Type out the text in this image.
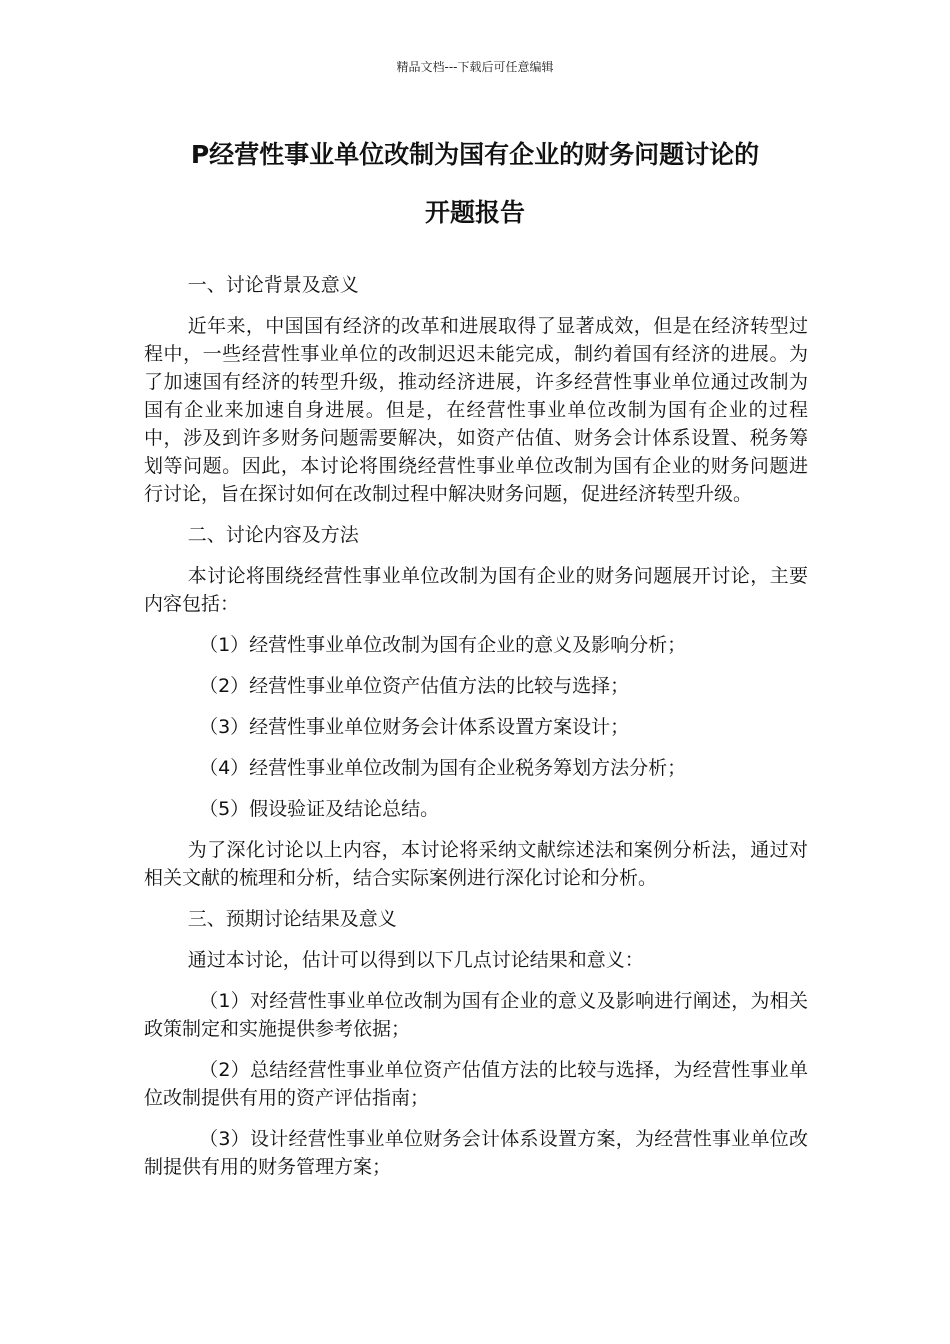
精品文档---下载后可任意编辑
P经营性事业单位改制为国有企业的财务问题讨论的
开题报告

一、讨论背景及意义

近年来，中国国有经济的改革和进展取得了显著成效，但是在经济转型过程中，一些经营性事业单位的改制迟迟未能完成，制约着国有经济的进展。为了加速国有经济的转型升级，推动经济进展，许多经营性事业单位通过改制为国有企业来加速自身进展。但是，在经营性事业单位改制为国有企业的过程中，涉及到许多财务问题需要解决，如资产估值、财务会计体系设置、税务筹划等问题。因此，本讨论将围绕经营性事业单位改制为国有企业的财务问题进行讨论，旨在探讨如何在改制过程中解决财务问题，促进经济转型升级。

二、讨论内容及方法

本讨论将围绕经营性事业单位改制为国有企业的财务问题展开讨论，主要内容包括：

（1）经营性事业单位改制为国有企业的意义及影响分析；

（2）经营性事业单位资产估值方法的比较与选择；

（3）经营性事业单位财务会计体系设置方案设计；

（4）经营性事业单位改制为国有企业税务筹划方法分析；

（5）假设验证及结论总结。

为了深化讨论以上内容，本讨论将采纳文献综述法和案例分析法，通过对相关文献的梳理和分析，结合实际案例进行深化讨论和分析。

三、预期讨论结果及意义

通过本讨论，估计可以得到以下几点讨论结果和意义：

（1）对经营性事业单位改制为国有企业的意义及影响进行阐述，为相关政策制定和实施提供参考依据；

（2）总结经营性事业单位资产估值方法的比较与选择，为经营性事业单位改制提供有用的资产评估指南；

（3）设计经营性事业单位财务会计体系设置方案，为经营性事业单位改制提供有用的财务管理方案；
